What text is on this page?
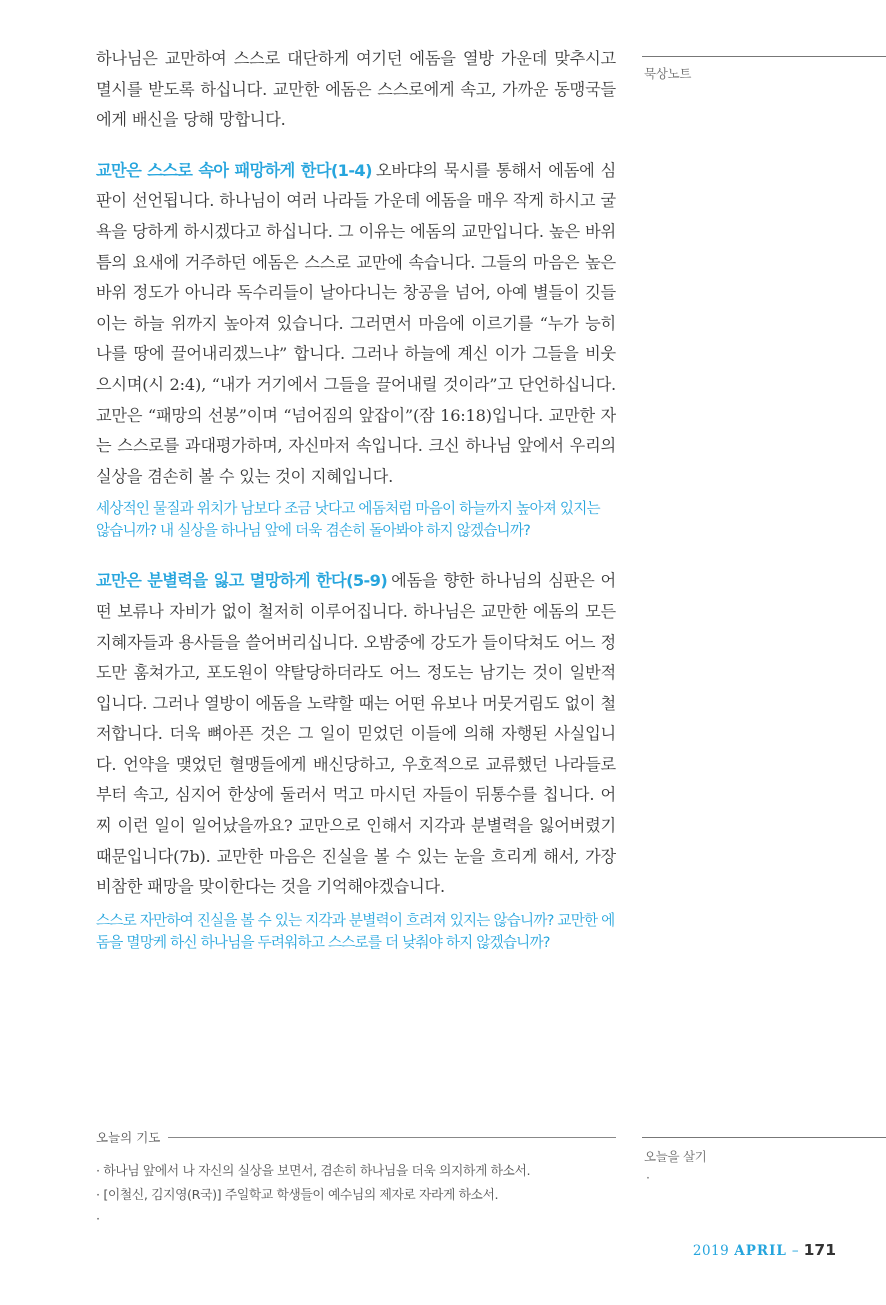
하나님은 교만하여 스스로 대단하게 여기던 에돔을 열방 가운데 맞추시고 멸시를 받도록 하십니다. 교만한 에돔은 스스로에게 속고, 가까운 동맹국들에게 배신을 당해 망합니다.

교만은 스스로 속아 패망하게 한다(1-4) 오바댜의 묵시를 통해서 에돔에 심판이 선언됩니다. 하나님이 여러 나라들 가운데 에돔을 매우 작게 하시고 굴욕을 당하게 하시겠다고 하십니다. 그 이유는 에돔의 교만입니다. 높은 바위 틈의 요새에 거주하던 에돔은 스스로 교만에 속습니다. 그들의 마음은 높은 바위 정도가 아니라 독수리들이 날아다니는 창공을 넘어, 아예 별들이 깃들이는 하늘 위까지 높아져 있습니다. 그러면서 마음에 이르기를 “누가 능히 나를 땅에 끌어내리겠느냐” 합니다. 그러나 하늘에 계신 이가 그들을 비웃으시며(시 2:4), “내가 거기에서 그들을 끌어내릴 것이라”고 단언하십니다. 교만은 “패망의 선봉”이며 “넘어짐의 앞잡이”(잠 16:18)입니다. 교만한 자는 스스로를 과대평가하며, 자신마저 속입니다. 크신 하나님 앞에서 우리의 실상을 겸손히 볼 수 있는 것이 지혜입니다.

세상적인 물질과 위치가 남보다 조금 낫다고 에돔처럼 마음이 하늘까지 높아져 있지는 않습니까? 내 실상을 하나님 앞에 더욱 겸손히 돌아봐야 하지 않겠습니까?

교만은 분별력을 잃고 멸망하게 한다(5-9) 에돔을 향한 하나님의 심판은 어떤 보류나 자비가 없이 철저히 이루어집니다. 하나님은 교만한 에돔의 모든 지혜자들과 용사들을 쓸어버리십니다. 오밤중에 강도가 들이닥쳐도 어느 정도만 훔쳐가고, 포도원이 약탈당하더라도 어느 정도는 남기는 것이 일반적입니다. 그러나 열방이 에돔을 노략할 때는 어떤 유보나 머뭇거림도 없이 철저합니다. 더욱 뼈아픈 것은 그 일이 믿었던 이들에 의해 자행된 사실입니다. 언약을 맺었던 혈맹들에게 배신당하고, 우호적으로 교류했던 나라들로부터 속고, 심지어 한상에 둘러서 먹고 마시던 자들이 뒤통수를 칩니다. 어찌 이런 일이 일어났을까요? 교만으로 인해서 지각과 분별력을 잃어버렸기 때문입니다(7b). 교만한 마음은 진실을 볼 수 있는 눈을 흐리게 해서, 가장 비참한 패망을 맞이한다는 것을 기억해야겠습니다.

스스로 자만하여 진실을 볼 수 있는 지각과 분별력이 흐려져 있지는 않습니까? 교만한 에돔을 멸망케 하신 하나님을 두려워하고 스스로를 더 낮춰야 하지 않겠습니까?

묵상노트
오늘의 기도
· 하나님 앞에서 나 자신의 실상을 보면서, 겸손히 하나님을 더욱 의지하게 하소서.
· [이철신, 김지영(R국)] 주일학교 학생들이 예수님의 제자로 자라게 하소서.
·
오늘을 살기
·
2019 APRIL – 171
